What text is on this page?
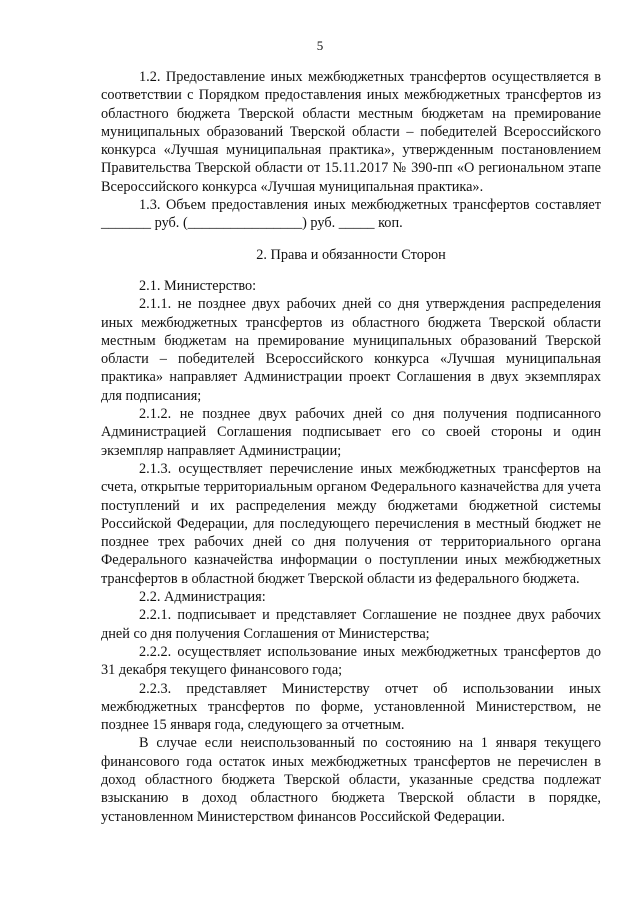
5

1.2. Предоставление иных межбюджетных трансфертов осуществляется в соответствии с Порядком предоставления иных межбюджетных трансфертов из областного бюджета Тверской области местным бюджетам на премирование муниципальных образований Тверской области – победителей Всероссийского конкурса «Лучшая муниципальная практика», утвержденным постановлением Правительства Тверской области от 15.11.2017 № 390-пп «О региональном этапе Всероссийского конкурса «Лучшая муниципальная практика».

1.3. Объем предоставления иных межбюджетных трансфертов составляет _______ руб. (________________) руб. _____ коп.

2. Права и обязанности Сторон

2.1. Министерство:

2.1.1. не позднее двух рабочих дней со дня утверждения распределения иных межбюджетных трансфертов из областного бюджета Тверской области местным бюджетам на премирование муниципальных образований Тверской области – победителей Всероссийского конкурса «Лучшая муниципальная практика» направляет Администрации проект Соглашения в двух экземплярах для подписания;

2.1.2. не позднее двух рабочих дней со дня получения подписанного Администрацией Соглашения подписывает его со своей стороны и один экземпляр направляет Администрации;

2.1.3. осуществляет перечисление иных межбюджетных трансфертов на счета, открытые территориальным органом Федерального казначейства для учета поступлений и их распределения между бюджетами бюджетной системы Российской Федерации, для последующего перечисления в местный бюджет не позднее трех рабочих дней со дня получения от территориального органа Федерального казначейства информации о поступлении иных межбюджетных трансфертов в областной бюджет Тверской области из федерального бюджета.

2.2. Администрация:

2.2.1. подписывает и представляет Соглашение не позднее двух рабочих дней со дня получения Соглашения от Министерства;

2.2.2. осуществляет использование иных межбюджетных трансфертов до 31 декабря текущего финансового года;

2.2.3. представляет Министерству отчет об использовании иных межбюджетных трансфертов по форме, установленной Министерством, не позднее 15 января года, следующего за отчетным.

В случае если неиспользованный по состоянию на 1 января текущего финансового года остаток иных межбюджетных трансфертов не перечислен в доход областного бюджета Тверской области, указанные средства подлежат взысканию в доход областного бюджета Тверской области в порядке, установленном Министерством финансов Российской Федерации.
